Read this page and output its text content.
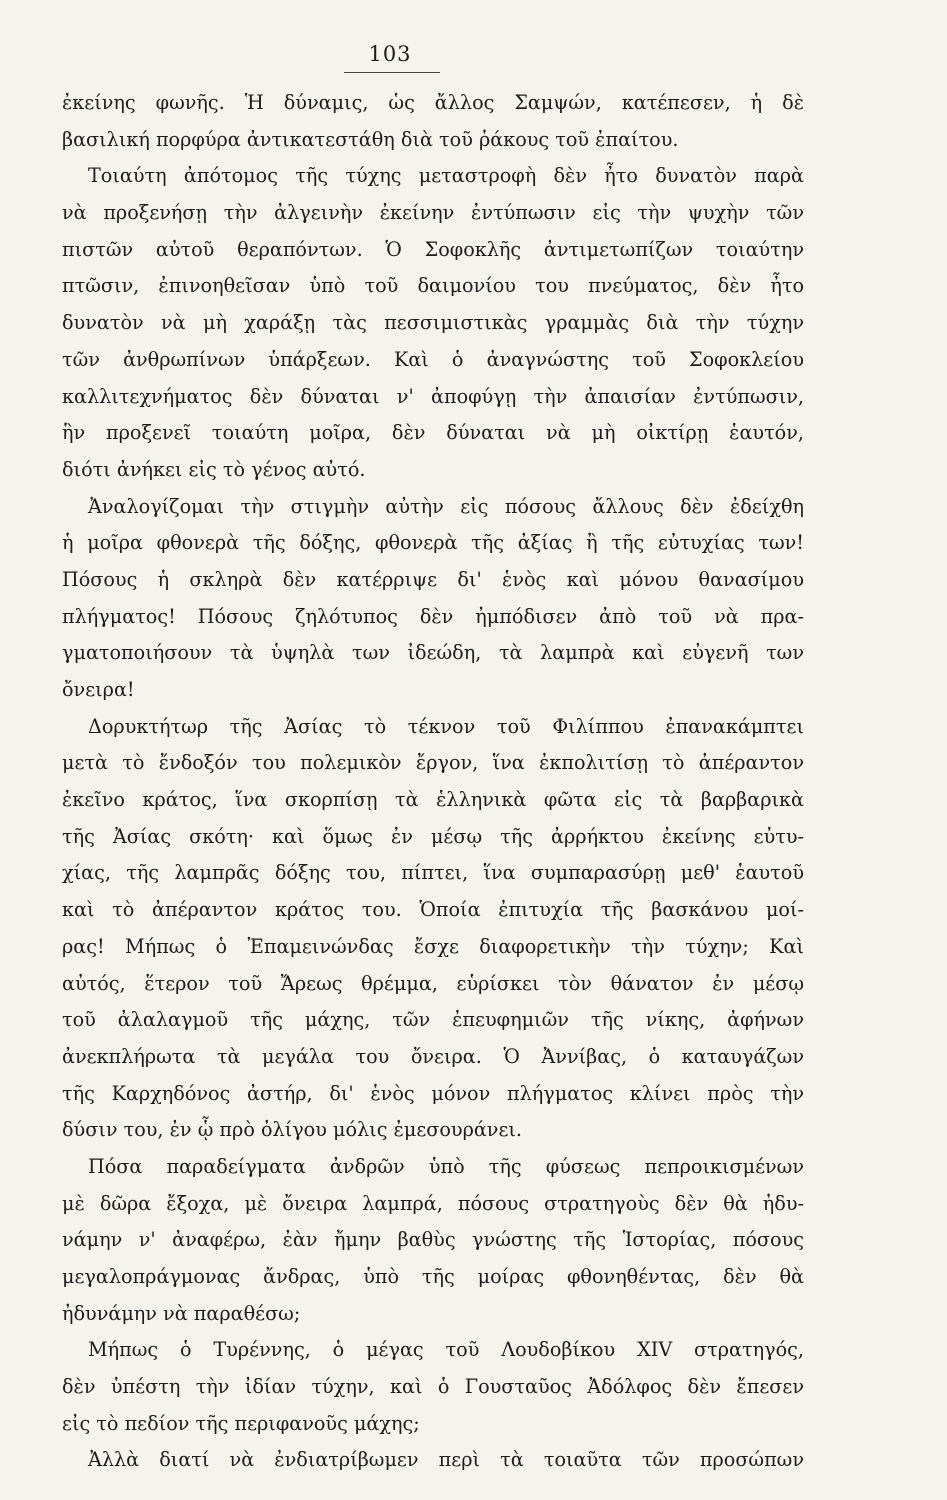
103
ἐκείνης φωνῆς. Ἡ δύναμις, ὡς ἄλλος Σαμψών, κατέπεσεν, ἡ δὲ
βασιλική πορφύρα ἀντικατεστάθη διὰ τοῦ ῥάκους τοῦ ἐπαίτου.
Τοιαύτη ἀπότομος τῆς τύχης μεταστροφὴ δὲν ἦτο δυνατὸν παρὰ
νὰ προξενήσῃ τὴν ἀλγεινὴν ἐκείνην ἐντύπωσιν εἰς τὴν ψυχὴν τῶν
πιστῶν αὐτοῦ θεραπόντων. Ὁ Σοφοκλῆς ἀντιμετωπίζων τοιαύτην
πτῶσιν, ἐπινοηθεῖσαν ὑπὸ τοῦ δαιμονίου του πνεύματος, δὲν ἦτο
δυνατὸν νὰ μὴ χαράξῃ τὰς πεσσιμιστικὰς γραμμὰς διὰ τὴν τύχην
τῶν ἀνθρωπίνων ὑπάρξεων. Καὶ ὁ ἀναγνώστης τοῦ Σοφοκλείου
καλλιτεχνήματος δὲν δύναται ν' ἀποφύγῃ τὴν ἀπαισίαν ἐντύπωσιν,
ἣν προξενεῖ τοιαύτη μοῖρα, δὲν δύναται νὰ μὴ οἰκτίρῃ ἑαυτόν,
διότι ἀνήκει εἰς τὸ γένος αὐτό.
Ἀναλογίζομαι τὴν στιγμὴν αὐτὴν εἰς πόσους ἄλλους δὲν ἐδείχθη
ἡ μοῖρα φθονερὰ τῆς δόξης, φθονερὰ τῆς ἀξίας ἢ τῆς εὐτυχίας των!
Πόσους ἡ σκληρὰ δὲν κατέρριψε δι' ἑνὸς καὶ μόνου θανασίμου
πλήγματος! Πόσους ζηλότυπος δὲν ἠμπόδισεν ἀπὸ τοῦ νὰ πρα-
γματοποιήσουν τὰ ὑψηλὰ των ἰδεώδη, τὰ λαμπρὰ καὶ εὐγενῆ των
ὄνειρα!
Δορυκτήτωρ τῆς Ἀσίας τὸ τέκνον τοῦ Φιλίππου ἐπανακάμπτει
μετὰ τὸ ἔνδοξόν του πολεμικὸν ἔργον, ἵνα ἐκπολιτίσῃ τὸ ἀπέραντον
ἐκεῖνο κράτος, ἵνα σκορπίσῃ τὰ ἑλληνικὰ φῶτα εἰς τὰ βαρβαρικὰ
τῆς Ἀσίας σκότη· καὶ ὅμως ἐν μέσῳ τῆς ἀρρήκτου ἐκείνης εὐτυ-
χίας, τῆς λαμπρᾶς δόξης του, πίπτει, ἵνα συμπαρασύρῃ μεθ' ἑαυτοῦ
καὶ τὸ ἀπέραντον κράτος του. Ὁποία ἐπιτυχία τῆς βασκάνου μοί-
ρας! Μήπως ὁ Ἐπαμεινώνδας ἔσχε διαφορετικὴν τὴν τύχην; Καὶ
αὐτός, ἕτερον τοῦ Ἄρεως θρέμμα, εὑρίσκει τὸν θάνατον ἐν μέσῳ
τοῦ ἀλαλαγμοῦ τῆς μάχης, τῶν ἐπευφημιῶν τῆς νίκης, ἀφήνων
ἀνεκπλήρωτα τὰ μεγάλα του ὄνειρα. Ὁ Ἀννίβας, ὁ καταυγάζων
τῆς Καρχηδόνος ἀστήρ, δι' ἑνὸς μόνον πλήγματος κλίνει πρὸς τὴν
δύσιν του, ἐν ᾧ πρὸ ὀλίγου μόλις ἐμεσουράνει.
Πόσα παραδείγματα ἀνδρῶν ὑπὸ τῆς φύσεως πεπροικισμένων
μὲ δῶρα ἔξοχα, μὲ ὄνειρα λαμπρά, πόσους στρατηγοὺς δὲν θὰ ἠδυ-
νάμην ν' ἀναφέρω, ἐὰν ἤμην βαθὺς γνώστης τῆς Ἱστορίας, πόσους
μεγαλοπράγμονας ἄνδρας, ὑπὸ τῆς μοίρας φθονηθέντας, δὲν θὰ
ἠδυνάμην νὰ παραθέσω;
Μήπως ὁ Τυρέννης, ὁ μέγας τοῦ Λουδοβίκου XIV στρατηγός,
δὲν ὑπέστη τὴν ἰδίαν τύχην, καὶ ὁ Γουσταῦος Ἀδόλφος δὲν ἔπεσεν
εἰς τὸ πεδίον τῆς περιφανοῦς μάχης;
Ἀλλὰ διατί νὰ ἐνδιατρίβωμεν περὶ τὰ τοιαῦτα τῶν προσώπων
